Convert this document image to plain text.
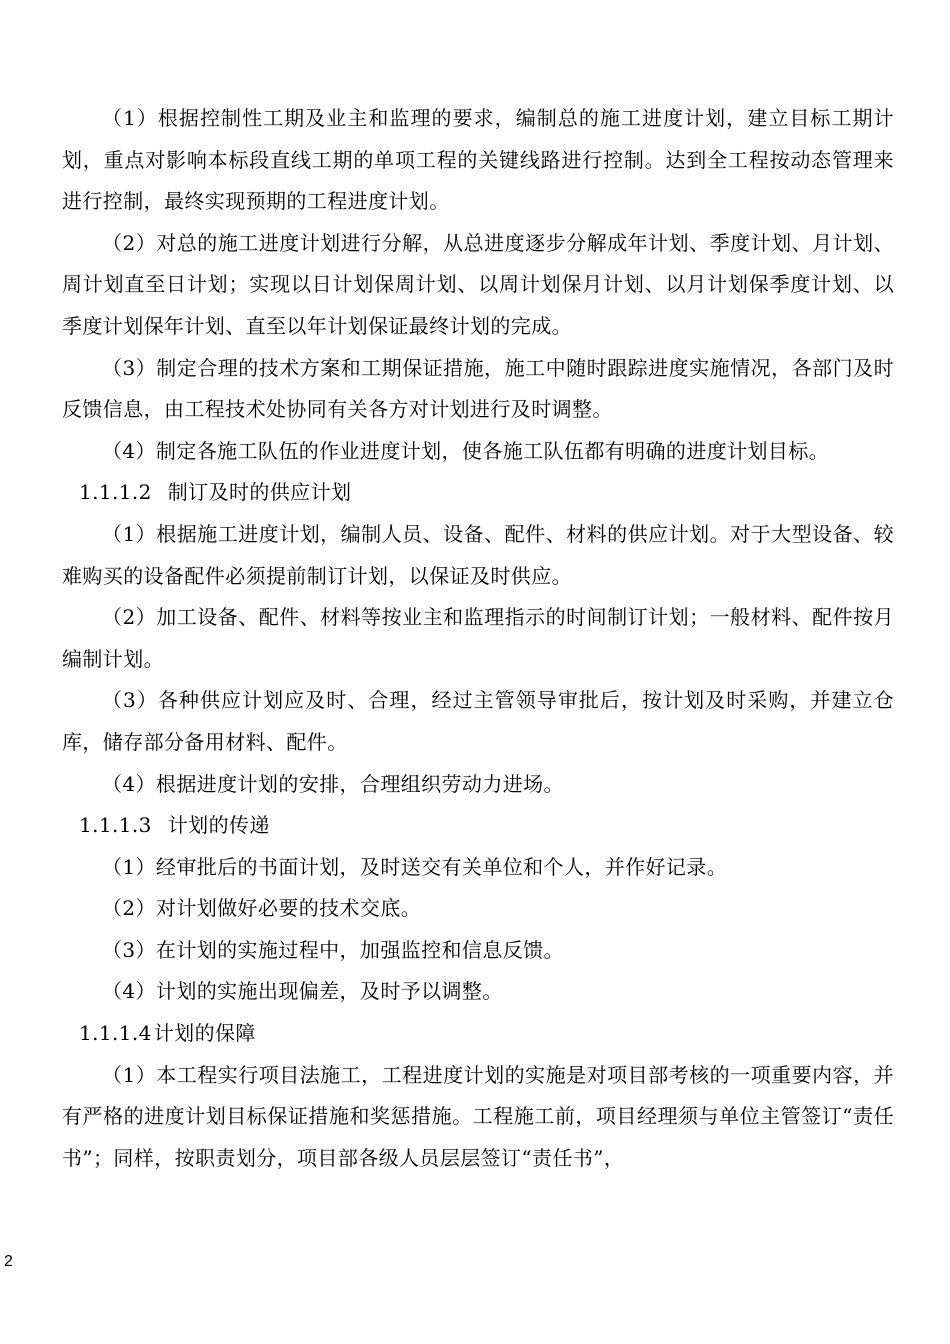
（1）根据控制性工期及业主和监理的要求，编制总的施工进度计划，建立目标工期计划，重点对影响本标段直线工期的单项工程的关键线路进行控制。达到全工程按动态管理来进行控制，最终实现预期的工程进度计划。

（2）对总的施工进度计划进行分解，从总进度逐步分解成年计划、季度计划、月计划、周计划直至日计划；实现以日计划保周计划、以周计划保月计划、以月计划保季度计划、以季度计划保年计划、直至以年计划保证最终计划的完成。

（3）制定合理的技术方案和工期保证措施，施工中随时跟踪进度实施情况，各部门及时反馈信息，由工程技术处协同有关各方对计划进行及时调整。

（4）制定各施工队伍的作业进度计划，使各施工队伍都有明确的进度计划目标。

1.1.1.2 制订及时的供应计划

（1）根据施工进度计划，编制人员、设备、配件、材料的供应计划。对于大型设备、较难购买的设备配件必须提前制订计划，以保证及时供应。

（2）加工设备、配件、材料等按业主和监理指示的时间制订计划；一般材料、配件按月编制计划。

（3）各种供应计划应及时、合理，经过主管领导审批后，按计划及时采购，并建立仓库，储存部分备用材料、配件。

（4）根据进度计划的安排，合理组织劳动力进场。

1.1.1.3 计划的传递

（1）经审批后的书面计划，及时送交有关单位和个人，并作好记录。

（2）对计划做好必要的技术交底。

（3）在计划的实施过程中，加强监控和信息反馈。

（4）计划的实施出现偏差，及时予以调整。

1.1.1.4 计划的保障

（1）本工程实行项目法施工，工程进度计划的实施是对项目部考核的一项重要内容，并有严格的进度计划目标保证措施和奖惩措施。工程施工前，项目经理须与单位主管签订“责任书”；同样，按职责划分，项目部各级人员层层签订“责任书”，

2
